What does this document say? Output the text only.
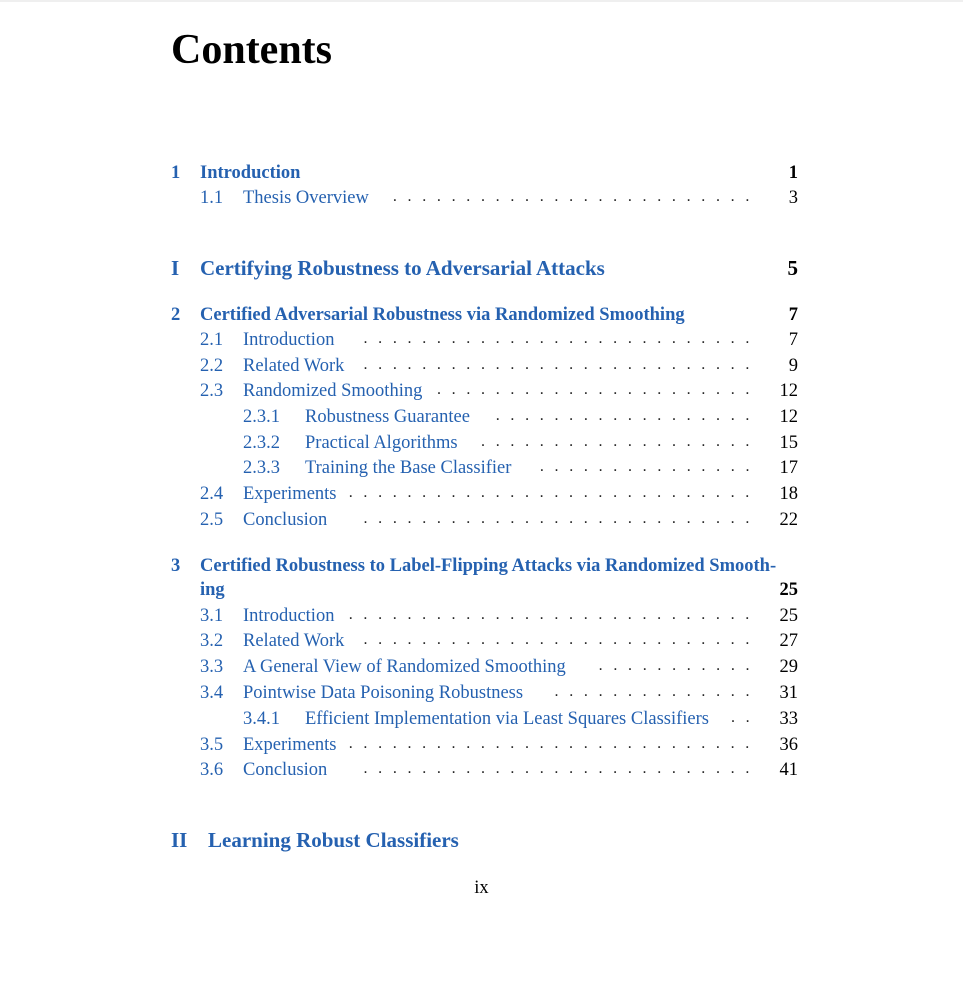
Contents
1 Introduction	1
1.1 Thesis Overview	. . . . . . . . . . . . . . . . . . . . . . . . . 3
I Certifying Robustness to Adversarial Attacks	5
2 Certified Adversarial Robustness via Randomized Smoothing	7
2.1 Introduction	. . . . . . . . . . . . . . . . . . . . . . . . . . . 7
2.2 Related Work	. . . . . . . . . . . . . . . . . . . . . . . . . . . 9
2.3 Randomized Smoothing . . . . . . . . . . . . . . . . . . . . . . 12
2.3.1 Robustness Guarantee	. . . . . . . . . . . . . . . . . . 12
2.3.2 Practical Algorithms	. . . . . . . . . . . . . . . . . . . 15
2.3.3 Training the Base Classifier	. . . . . . . . . . . . . . . 17
2.4 Experiments . . . . . . . . . . . . . . . . . . . . . . . . . . . . 18
2.5 Conclusion	. . . . . . . . . . . . . . . . . . . . . . . . . . . 22
3 Certified Robustness to Label-Flipping Attacks via Randomized Smooth-
ing	25
3.1 Introduction . . . . . . . . . . . . . . . . . . . . . . . . . . . . 25
3.2 Related Work	. . . . . . . . . . . . . . . . . . . . . . . . . . . 27
3.3 A General View of Randomized Smoothing	. . . . . . . . . . . 29
3.4 Pointwise Data Poisoning Robustness	. . . . . . . . . . . . . . 31
3.4.1 Efficient Implementation via Least Squares Classifiers	. . 33
3.5 Experiments . . . . . . . . . . . . . . . . . . . . . . . . . . . . 36
3.6 Conclusion	. . . . . . . . . . . . . . . . . . . . . . . . . . . 41
II Learning Robust Classifiers
ix
